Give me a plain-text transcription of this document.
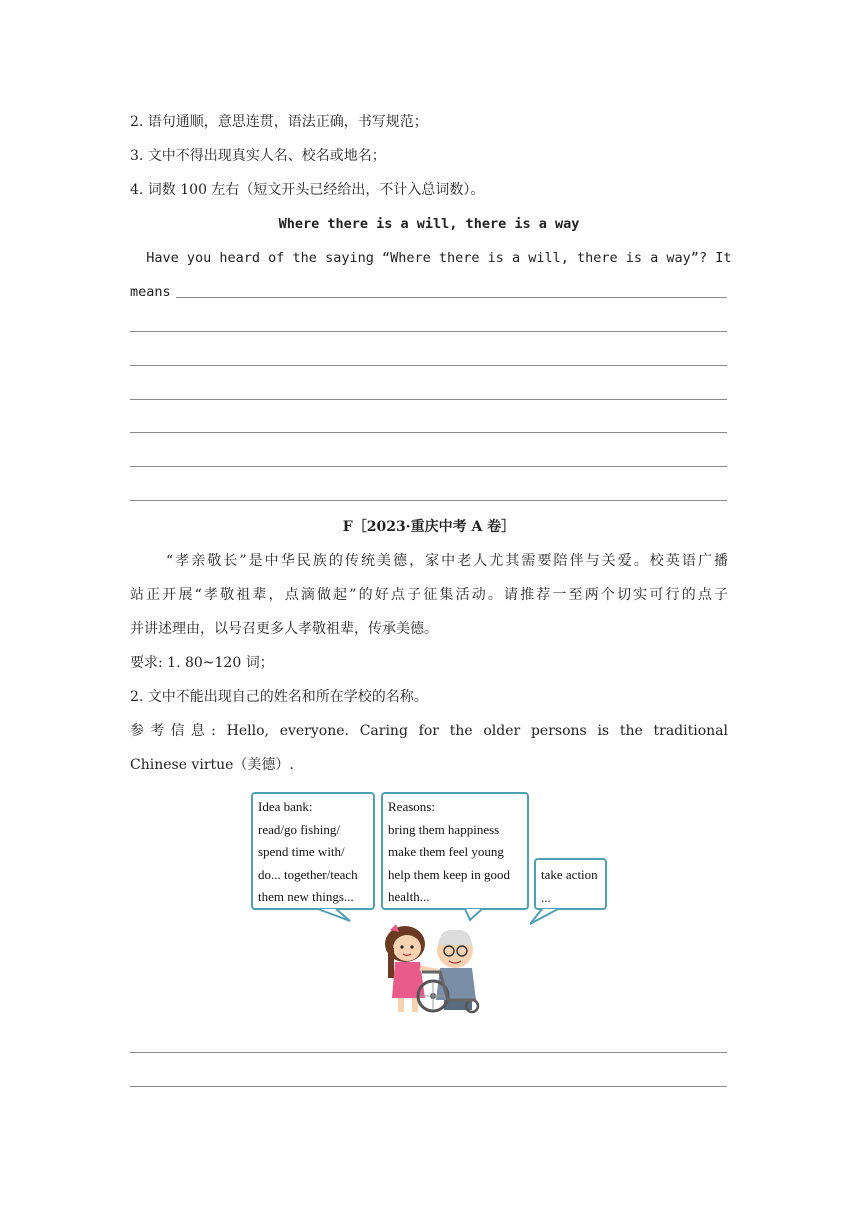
2. 语句通顺，意思连贯，语法正确，书写规范；
3. 文中不得出现真实人名、校名或地名；
4. 词数 100 左右（短文开头已经给出，不计入总词数）。
Where there is a will, there is a way
Have you heard of the saying “Where there is a will, there is a way”? It
means
F［2023·重庆中考 A 卷］
“孝亲敬长”是中华民族的传统美德，家中老人尤其需要陪伴与关爱。校英语广播
站正开展“孝敬祖辈，点滴做起”的好点子征集活动。请推荐一至两个切实可行的点子
并讲述理由，以号召更多人孝敬祖辈，传承美德。
要求: 1. 80~120 词；
2. 文中不能出现自己的姓名和所在学校的名称。
参考信息: Hello, everyone. Caring for the older persons is the traditional
Chinese virtue（美德）.
Idea bank:
read/go fishing/
spend time with/
do... together/teach
them new things...
Reasons:
bring them happiness
make them feel young
help them keep in good
health...
take action
...
